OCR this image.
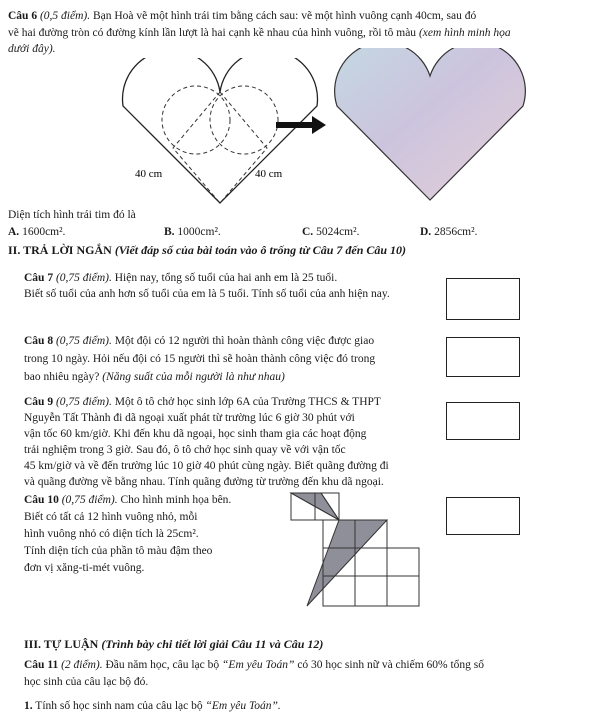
Câu 6 (0,5 điểm). Bạn Hoà vẽ một hình trái tim bằng cách sau: vẽ một hình vuông cạnh 40cm, sau đó
vẽ hai đường tròn có đường kính lần lượt là hai cạnh kề nhau của hình vuông, rồi tô màu (xem hình minh họa
dưới đây).
40 cm	40 cm
Diện tích hình trái tim đó là
A. 1600cm².	B. 1000cm².	C. 5024cm².	D. 2856cm².
II. TRẢ LỜI NGẮN (Viết đáp số của bài toán vào ô trống từ Câu 7 đến Câu 10)
Câu 7 (0,75 điểm). Hiện nay, tổng số tuổi của hai anh em là 25 tuổi.
Biết số tuổi của anh hơn số tuổi của em là 5 tuổi. Tính số tuổi của anh hiện nay.
Câu 8 (0,75 điểm). Một đội có 12 người thì hoàn thành công việc được giao
trong 10 ngày. Hỏi nếu đội có 15 người thì sẽ hoàn thành công việc đó trong
bao nhiêu ngày? (Năng suất của mỗi người là như nhau)
Câu 9 (0,75 điểm). Một ô tô chở học sinh lớp 6A của Trường THCS & THPT
Nguyễn Tất Thành đi dã ngoại xuất phát từ trường lúc 6 giờ 30 phút với
vận tốc 60 km/giờ. Khi đến khu dã ngoại, học sinh tham gia các hoạt động
trải nghiệm trong 3 giờ. Sau đó, ô tô chở học sinh quay về với vận tốc
45 km/giờ và về đến trường lúc 10 giờ 40 phút cùng ngày. Biết quãng đường đi
và quãng đường về bằng nhau. Tính quãng đường từ trường đến khu dã ngoại.
Câu 10 (0,75 điểm). Cho hình minh họa bên.
Biết có tất cả 12 hình vuông nhỏ, mỗi
hình vuông nhỏ có diện tích là 25cm².
Tính diện tích của phần tô màu đậm theo
đơn vị xăng-ti-mét vuông.
III. TỰ LUẬN (Trình bày chi tiết lời giải Câu 11 và Câu 12)
Câu 11 (2 điểm). Đầu năm học, câu lạc bộ “Em yêu Toán” có 30 học sinh nữ và chiếm 60% tổng số
học sinh của câu lạc bộ đó.
1. Tính số học sinh nam của câu lạc bộ “Em yêu Toán”.
